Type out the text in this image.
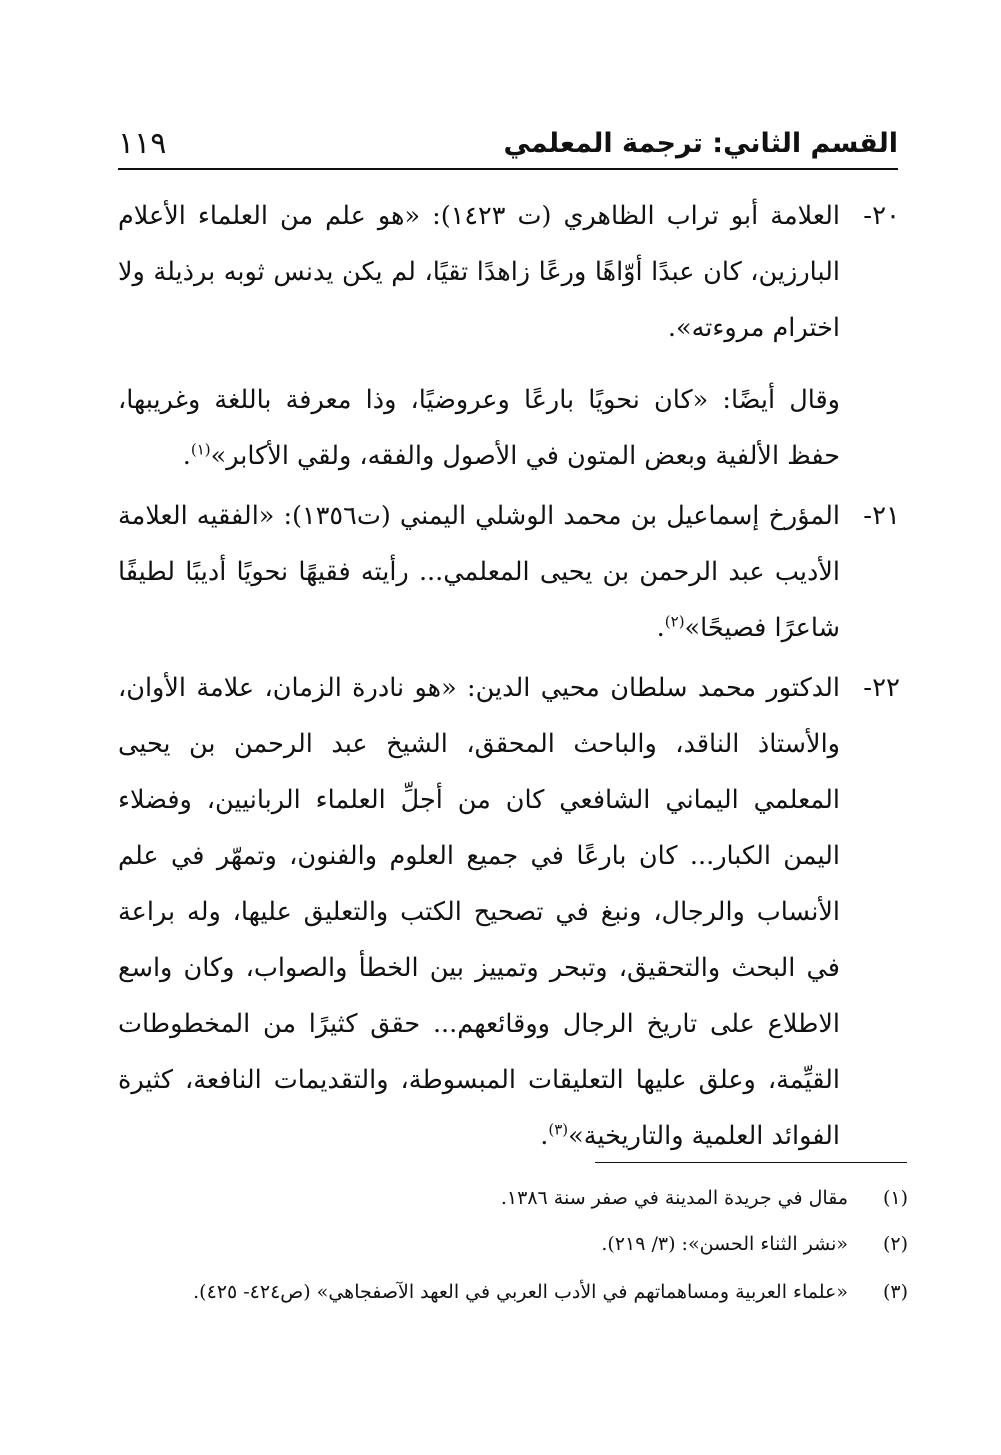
القسم الثاني: ترجمة المعلمي
١١٩
٢٠-
العلامة أبو تراب الظاهري (ت ١٤٢٣): «هو علم من العلماء الأعلام البارزين، كان عبدًا أوّاهًا ورعًا زاهدًا تقيًا، لم يكن يدنس ثوبه برذيلة ولا اخترام مروءته».
وقال أيضًا: «كان نحويًا بارعًا وعروضيًا، وذا معرفة باللغة وغريبها، حفظ الألفية وبعض المتون في الأصول والفقه، ولقي الأكابر»$^{(١)}$.
٢١-
المؤرخ إسماعيل بن محمد الوشلي اليمني (ت١٣٥٦): «الفقيه العلامة الأديب عبد الرحمن بن يحيى المعلمي... رأيته فقيهًا نحويًا أديبًا لطيفًا شاعرًا فصيحًا»$^{(٢)}$.
٢٢-
الدكتور محمد سلطان محيي الدين: «هو نادرة الزمان، علامة الأوان، والأستاذ الناقد، والباحث المحقق، الشيخ عبد الرحمن بن يحيى المعلمي اليماني الشافعي كان من أجلِّ العلماء الربانيين، وفضلاء اليمن الكبار... كان بارعًا في جميع العلوم والفنون، وتمهّر في علم الأنساب والرجال، ونبغ في تصحيح الكتب والتعليق عليها، وله براعة في البحث والتحقيق، وتبحر وتمييز بين الخطأ والصواب، وكان واسع الاطلاع على تاريخ الرجال ووقائعهم... حقق كثيرًا من المخطوطات القيِّمة، وعلق عليها التعليقات المبسوطة، والتقديمات النافعة، كثيرة الفوائد العلمية والتاريخية»$^{(٣)}$.
(١)
مقال في جريدة المدينة في صفر سنة ١٣٨٦.
(٢)
«نشر الثناء الحسن»: (٣/ ٢١٩).
(٣)
«علماء العربية ومساهماتهم في الأدب العربي في العهد الآصفجاهي» (ص٤٢٤- ٤٢٥).
